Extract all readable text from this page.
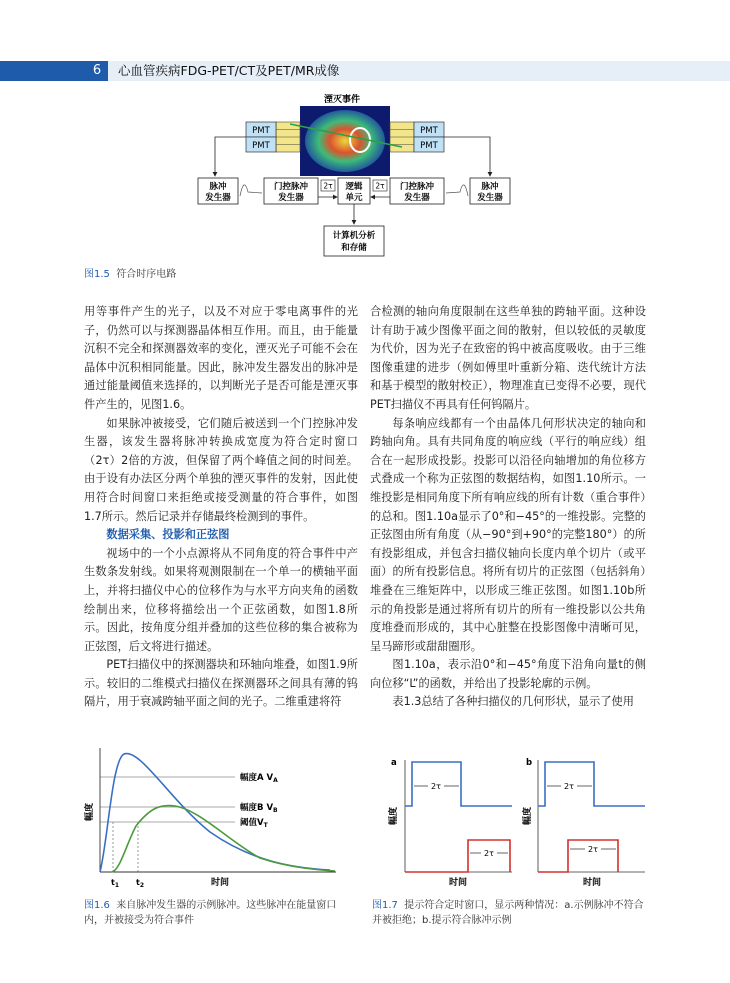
6	心血管疾病FDG-PET/CT及PET/MR成像
湮灭事件
PMT
PMT
PMT
PMT
脉冲
发生器
门控脉冲
发生器
2τ 逻辑
单元
2τ 门控脉冲
发生器
脉冲
发生器
计算机分析
和存储
图1.5 符合时序电路

用等事件产生的光子，以及不对应于零电离事件的光子，仍然可以与探测器晶体相互作用。而且，由于能量沉积不完全和探测器效率的变化，湮灭光子可能不会在晶体中沉积相同能量。因此，脉冲发生器发出的脉冲是通过能量阈值来选择的，以判断光子是否可能是湮灭事件产生的，见图1.6。

如果脉冲被接受，它们随后被送到一个门控脉冲发生器，该发生器将脉冲转换成宽度为符合定时窗口（2τ）2倍的方波，但保留了两个峰值之间的时间差。由于设有办法区分两个单独的湮灭事件的发射，因此使用符合时间窗口来拒绝或接受测量的符合事件，如图1.7所示。然后记录并存储最终检测到的事件。

数据采集、投影和正弦图

视场中的一个小点源将从不同角度的符合事件中产生数条发射线。如果将观测限制在一个单一的横轴平面上，并将扫描仪中心的位移作为与水平方向夹角的函数绘制出来，位移将描绘出一个正弦函数，如图1.8所示。因此，按角度分组并叠加的这些位移的集合被称为正弦图，后文将进行描述。

PET扫描仪中的探测器块和环轴向堆叠，如图1.9所示。较旧的二维模式扫描仪在探测器环之间具有薄的钨隔片，用于衰减跨轴平面之间的光子。二维重建将符

合检测的轴向角度限制在这些单独的跨轴平面。这种设计有助于减少图像平面之间的散射，但以较低的灵敏度为代价，因为光子在致密的钨中被高度吸收。由于三维图像重建的进步（例如傅里叶重新分箱、迭代统计方法和基于模型的散射校正），物理准直已变得不必要，现代PET扫描仪不再具有任何钨隔片。

每条响应线都有一个由晶体几何形状决定的轴向和跨轴向角。具有共同角度的响应线（平行的响应线）组合在一起形成投影。投影可以沿径向轴增加的角位移方式叠成一个称为正弦图的数据结构，如图1.10所示。一维投影是相同角度下所有响应线的所有计数（重合事件）的总和。图1.10a显示了0°和−45°的一维投影。完整的正弦图由所有角度（从−90°到+90°的完整180°）的所有投影组成，并包含扫描仪轴向长度内单个切片（或平面）的所有投影信息。将所有切片的正弦图（包括斜角）堆叠在三维矩阵中，以形成三维正弦图。如图1.10b所示的角投影是通过将所有切片的所有一维投影以公共角度堆叠而形成的，其中心脏整在投影图像中清晰可见，呈马蹄形或甜甜圈形。

图1.10a，表示沿0°和−45°角度下沿角向量t的侧向位移“L”的函数，并给出了投影轮廓的示例。

表1.3总结了各种扫描仪的几何形状，显示了使用

幅度A $V_A$
幅度B $V_B$
阈值$V_T$
幅度
$t_1$ $t_2$	时间
图1.6 来自脉冲发生器的示例脉冲。这些脉冲在能量窗口内，并被接受为符合事件
a
2τ
2τ
幅度
时间
b
2τ
2τ
幅度
时间
图1.7 提示符合定时窗口，显示两种情况：a.示例脉冲不符合并被拒绝；b.提示符合脉冲示例
